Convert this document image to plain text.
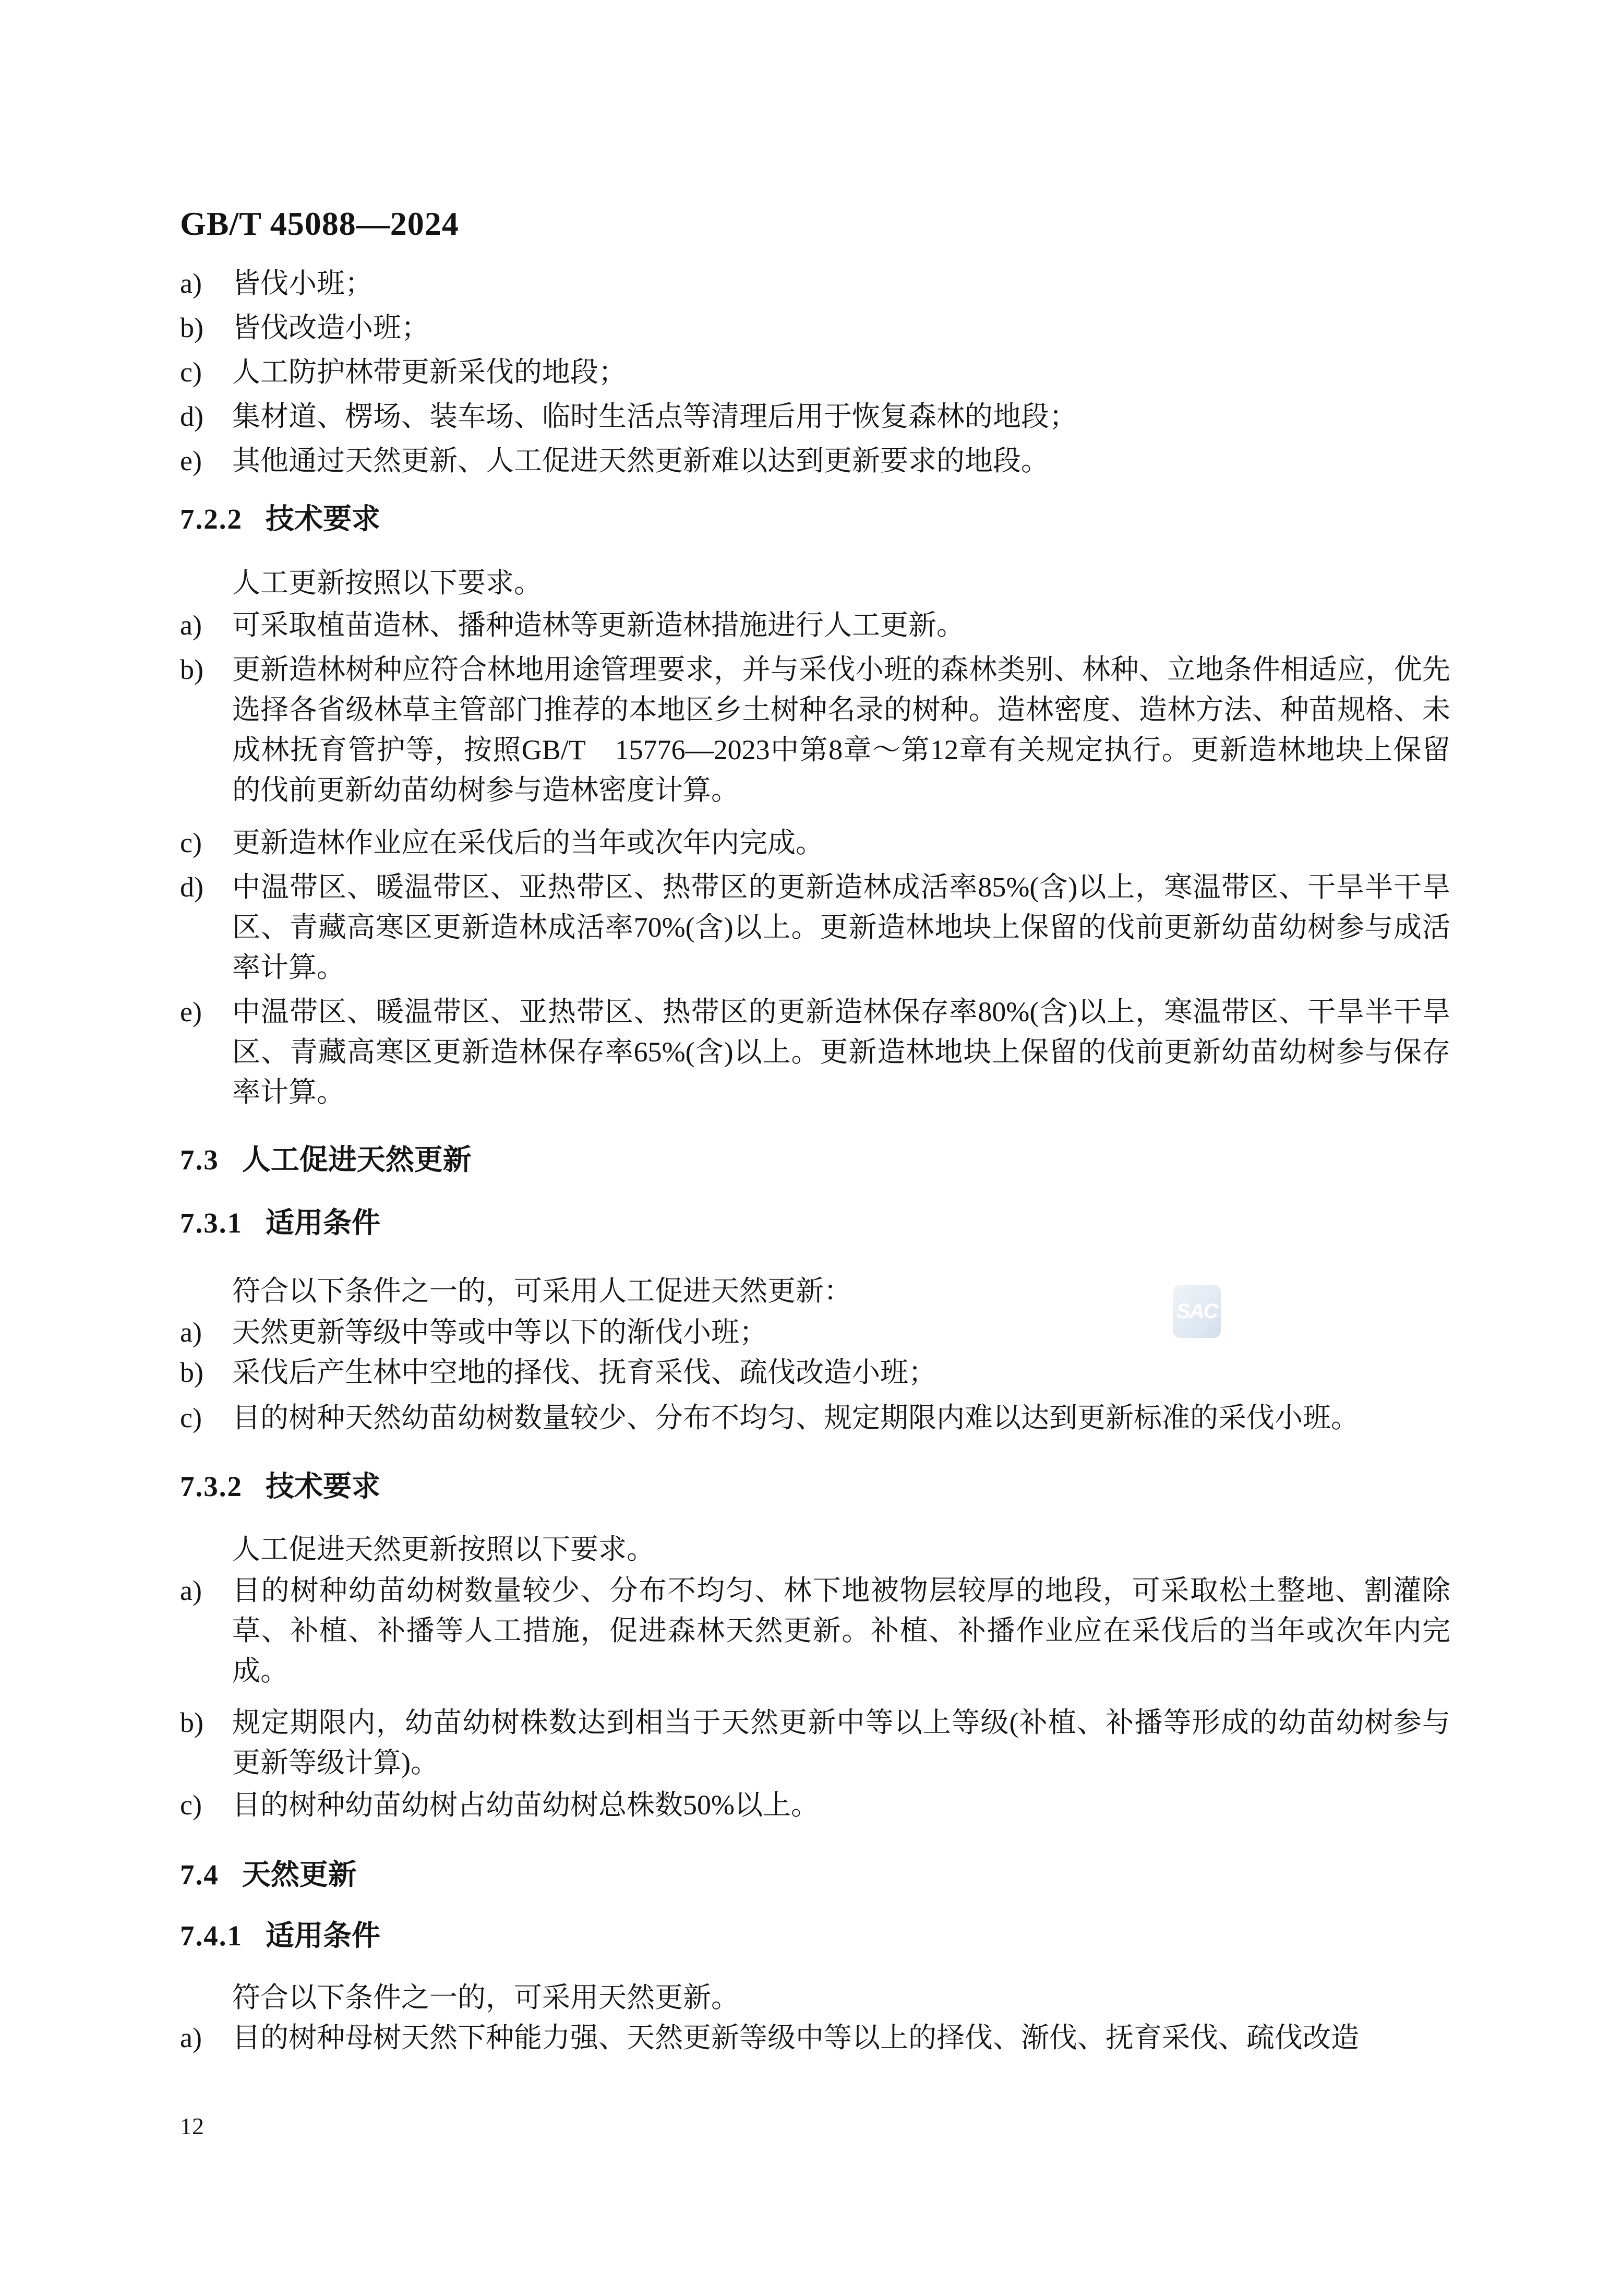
GB/T 45088—2024
SAC
a)	皆伐小班；
b)	皆伐改造小班；
c)	人工防护林带更新采伐的地段；
d)	集材道、楞场、装车场、临时生活点等清理后用于恢复森林的地段；
e)	其他通过天然更新、人工促进天然更新难以达到更新要求的地段。
7.2.2 技术要求
人工更新按照以下要求。
a)	可采取植苗造林、播种造林等更新造林措施进行人工更新。
b)	更新造林树种应符合林地用途管理要求，并与采伐小班的森林类别、林种、立地条件相适应，优先选择各省级林草主管部门推荐的本地区乡土树种名录的树种。造林密度、造林方法、种苗规格、未成林抚育管护等，按照GB/T　15776—2023中第8章～第12章有关规定执行。更新造林地块上保留的伐前更新幼苗幼树参与造林密度计算。
c)	更新造林作业应在采伐后的当年或次年内完成。
d)	中温带区、暖温带区、亚热带区、热带区的更新造林成活率85%(含)以上，寒温带区、干旱半干旱区、青藏高寒区更新造林成活率70%(含)以上。更新造林地块上保留的伐前更新幼苗幼树参与成活率计算。
e)	中温带区、暖温带区、亚热带区、热带区的更新造林保存率80%(含)以上，寒温带区、干旱半干旱区、青藏高寒区更新造林保存率65%(含)以上。更新造林地块上保留的伐前更新幼苗幼树参与保存率计算。
7.3 人工促进天然更新
7.3.1 适用条件
符合以下条件之一的，可采用人工促进天然更新：
a)	天然更新等级中等或中等以下的渐伐小班；
b)	采伐后产生林中空地的择伐、抚育采伐、疏伐改造小班；
c)	目的树种天然幼苗幼树数量较少、分布不均匀、规定期限内难以达到更新标准的采伐小班。
7.3.2 技术要求
人工促进天然更新按照以下要求。
a)	目的树种幼苗幼树数量较少、分布不均匀、林下地被物层较厚的地段，可采取松土整地、割灌除草、补植、补播等人工措施，促进森林天然更新。补植、补播作业应在采伐后的当年或次年内完成。
b)	规定期限内，幼苗幼树株数达到相当于天然更新中等以上等级(补植、补播等形成的幼苗幼树参与更新等级计算)。
c)	目的树种幼苗幼树占幼苗幼树总株数50%以上。
7.4 天然更新
7.4.1 适用条件
符合以下条件之一的，可采用天然更新。
a)	目的树种母树天然下种能力强、天然更新等级中等以上的择伐、渐伐、抚育采伐、疏伐改造
12
